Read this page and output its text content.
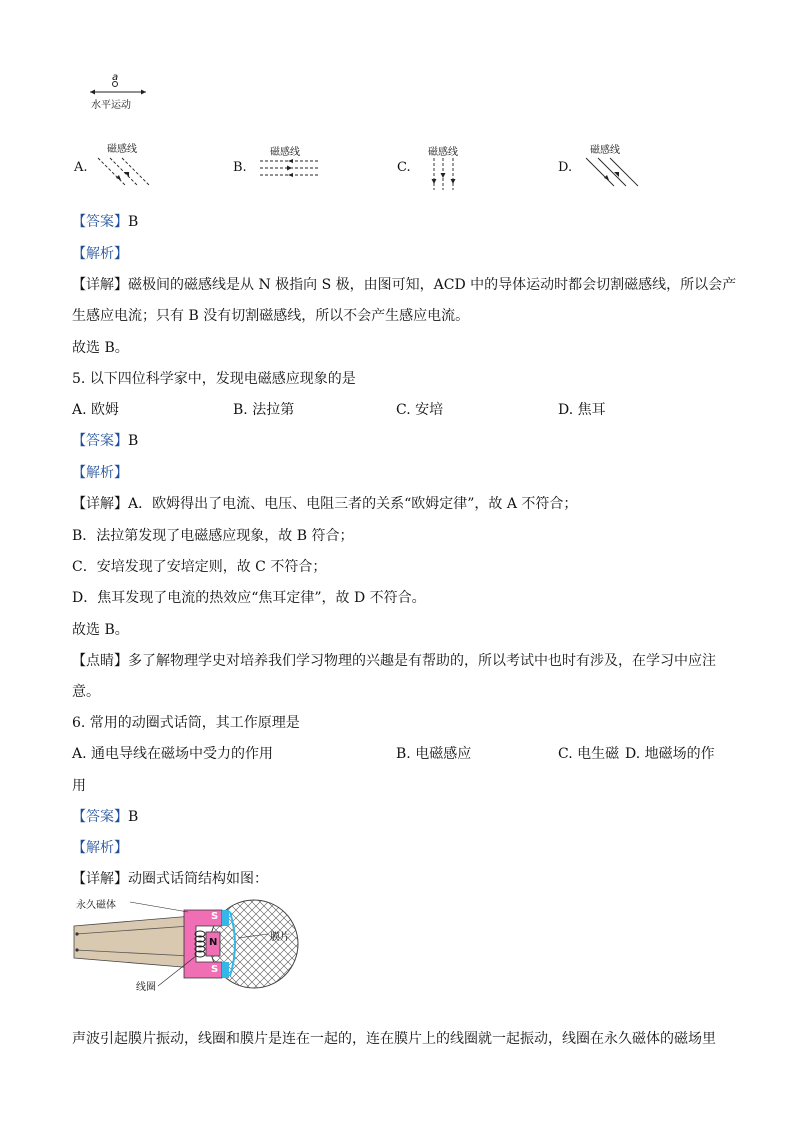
a
水平运动
A.
磁感线
B.
磁感线
C.
磁感线
D.
磁感线
【答案】B
【解析】
【详解】磁极间的磁感线是从 N 极指向 S 极，由图可知，ACD 中的导体运动时都会切割磁感线，所以会产
生感应电流；只有 B 没有切割磁感线，所以不会产生感应电流。
故选 B。
5. 以下四位科学家中，发现电磁感应现象的是
A. 欧姆	B. 法拉第	C. 安培	D. 焦耳
【答案】B
【解析】
【详解】A．欧姆得出了电流、电压、电阻三者的关系“欧姆定律”，故 A 不符合；
B．法拉第发现了电磁感应现象，故 B 符合；
C．安培发现了安培定则，故 C 不符合；
D．焦耳发现了电流的热效应“焦耳定律”，故 D 不符合。
故选 B。
【点睛】多了解物理学史对培养我们学习物理的兴趣是有帮助的，所以考试中也时有涉及，在学习中应注意。
6. 常用的动圈式话筒，其工作原理是
A. 通电导线在磁场中受力的作用	B. 电磁感应	C. 电生磁 D. 地磁场的作
用
【答案】B
【解析】
【详解】动圈式话筒结构如图：
永久磁体
膜片
线圈
S
N
S
声波引起膜片振动，线圈和膜片是连在一起的，连在膜片上的线圈就一起振动，线圈在永久磁体的磁场里
